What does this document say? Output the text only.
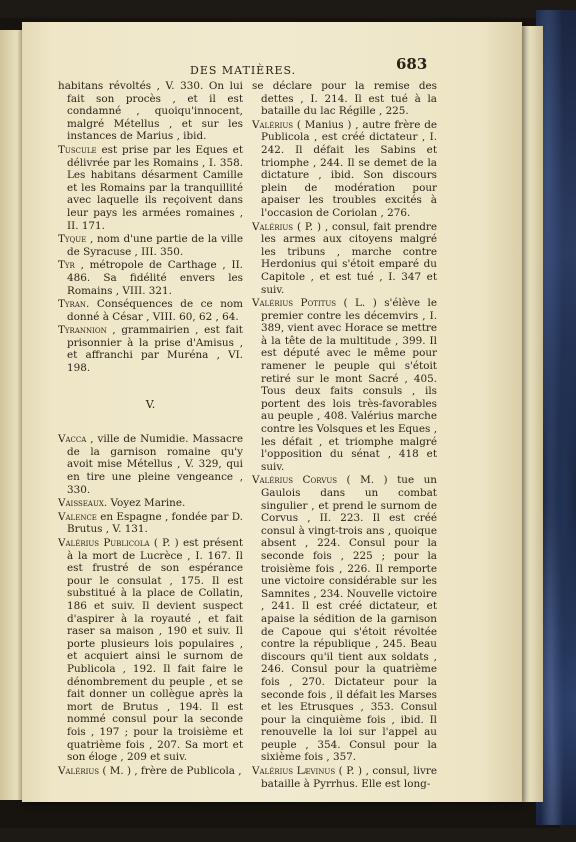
DES MATIÈRES.	683
habitans révoltés , V. 330. On lui fait son procès , et il est condamné , quoiqu'innocent, malgré Métellus , et sur les instances de Marius , ibid.
Tuscule est prise par les Eques et délivrée par les Romains , I. 358. Les habitans désarment Camille et les Romains par la tranquillité avec laquelle ils reçoivent dans leur pays les armées romaines , II. 171.
Tyque , nom d'une partie de la ville de Syracuse , III. 350.
Tyr , métropole de Carthage , II. 486. Sa fidélité envers les Romains , VIII. 321.
Tyran. Conséquences de ce nom donné à César , VIII. 60, 62 , 64.
Tyrannion , grammairien , est fait prisonnier à la prise d'Amisus , et affranchi par Muréna , VI. 198.
V.
Vacca , ville de Numidie. Massacre de la garnison romaine qu'y avoit mise Métellus , V. 329, qui en tire une pleine vengeance , 330.
Vaisseaux. Voyez Marine.
Valence en Espagne , fondée par D. Brutus , V. 131.
Valérius Publicola ( P. ) est présent à la mort de Lucrèce , I. 167. Il est frustré de son espérance pour le consulat , 175. Il est substitué à la place de Collatin, 186 et suiv. Il devient suspect d'aspirer à la royauté , et fait raser sa maison , 190 et suiv. Il porte plusieurs lois populaires , et acquiert ainsi le surnom de Publicola , 192. Il fait faire le dénombrement du peuple , et se fait donner un collègue après la mort de Brutus , 194. Il est nommé consul pour la seconde fois , 197 ; pour la troisième et quatrième fois , 207. Sa mort et son éloge , 209 et suiv.
Valérius ( M. ) , frère de Publicola ,
se déclare pour la remise des dettes , I. 214. Il est tué à la bataille du lac Régille , 225.
Valérius ( Manius ) , autre frère de Publicola , est créé dictateur , I. 242. Il défait les Sabins et triomphe , 244. Il se demet de la dictature , ibid. Son discours plein de modération pour apaiser les troubles excités à l'occasion de Coriolan , 276.
Valérius ( P. ) , consul, fait prendre les armes aux citoyens malgré les tribuns , marche contre Herdonius qui s'étoit emparé du Capitole , et est tué , I. 347 et suiv.
Valérius Potitus ( L. ) s'élève le premier contre les décemvirs , I. 389, vient avec Horace se mettre à la tête de la multitude , 399. Il est député avec le même pour ramener le peuple qui s'étoit retiré sur le mont Sacré , 405. Tous deux faits consuls , ils portent des lois très-favorables au peuple , 408. Valérius marche contre les Volsques et les Eques , les défait , et triomphe malgré l'opposition du sénat , 418 et suiv.
Valérius Corvus ( M. ) tue un Gaulois dans un combat singulier , et prend le surnom de Corvus , II. 223. Il est créé consul à vingt-trois ans , quoique absent , 224. Consul pour la seconde fois , 225 ; pour la troisième fois , 226. Il remporte une victoire considérable sur les Samnites , 234. Nouvelle victoire , 241. Il est créé dictateur, et apaise la sédition de la garnison de Capoue qui s'étoit révoltée contre la république , 245. Beau discours qu'il tient aux soldats , 246. Consul pour la quatrième fois , 270. Dictateur pour la seconde fois , il défait les Marses et les Etrusques , 353. Consul pour la cinquième fois , ibid. Il renouvelle la loi sur l'appel au peuple , 354. Consul pour la sixième fois , 357.
Valérius Lævinus ( P. ) , consul, livre bataille à Pyrrhus. Elle est long-
